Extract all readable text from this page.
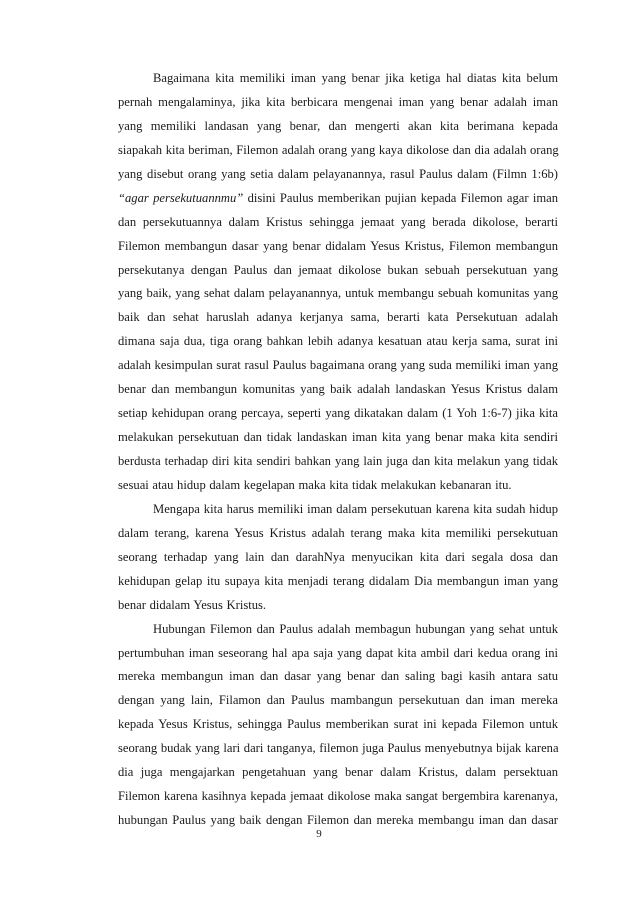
Bagaimana kita memiliki iman yang benar jika ketiga hal diatas kita belum
pernah mengalaminya, jika kita berbicara mengenai iman yang benar adalah iman
yang memiliki landasan yang benar, dan mengerti akan kita berimana kepada
siapakah kita beriman, Filemon adalah orang yang kaya dikolose dan dia adalah orang
yang disebut orang yang setia dalam pelayanannya, rasul Paulus dalam (Filmn 1:6b)
“agar persekutuannmu” disini Paulus memberikan pujian kepada Filemon agar iman
dan persekutuannya dalam Kristus sehingga jemaat yang berada dikolose, berarti
Filemon membangun dasar yang benar didalam Yesus Kristus, Filemon membangun
persekutanya dengan Paulus dan jemaat dikolose bukan sebuah persekutuan yang
yang baik, yang sehat dalam pelayanannya, untuk membangu sebuah komunitas yang
baik dan sehat haruslah adanya kerjanya sama, berarti kata Persekutuan adalah
dimana saja dua, tiga orang bahkan lebih adanya kesatuan atau kerja sama, surat ini
adalah kesimpulan surat rasul Paulus bagaimana orang yang suda memiliki iman yang
benar dan membangun komunitas yang baik adalah landaskan Yesus Kristus dalam
setiap kehidupan orang percaya, seperti yang dikatakan dalam (1 Yoh 1:6-7) jika kita
melakukan persekutuan dan tidak landaskan iman kita yang benar maka kita sendiri
berdusta terhadap diri kita sendiri bahkan yang lain juga dan kita melakun yang tidak
sesuai atau hidup dalam kegelapan maka kita tidak melakukan kebanaran itu.
Mengapa kita harus memiliki iman dalam persekutuan karena kita sudah hidup
dalam terang, karena Yesus Kristus adalah terang maka kita memiliki persekutuan
seorang terhadap yang lain dan darahNya menyucikan kita dari segala dosa dan
kehidupan gelap itu supaya kita menjadi terang didalam Dia membangun iman yang
benar didalam Yesus Kristus.
Hubungan Filemon dan Paulus adalah membagun hubungan yang sehat untuk
pertumbuhan iman seseorang hal apa saja yang dapat kita ambil dari kedua orang ini
mereka membangun iman dan dasar yang benar dan saling bagi kasih antara satu
dengan yang lain, Filamon dan Paulus mambangun persekutuan dan iman mereka
kepada Yesus Kristus, sehingga Paulus memberikan surat ini kepada Filemon untuk
seorang budak yang lari dari tanganya, filemon juga Paulus menyebutnya bijak karena
dia juga mengajarkan pengetahuan yang benar dalam Kristus, dalam persektuan
Filemon karena kasihnya kepada jemaat dikolose maka sangat bergembira karenanya,
hubungan Paulus yang baik dengan Filemon dan mereka membangu iman dan dasar
9
